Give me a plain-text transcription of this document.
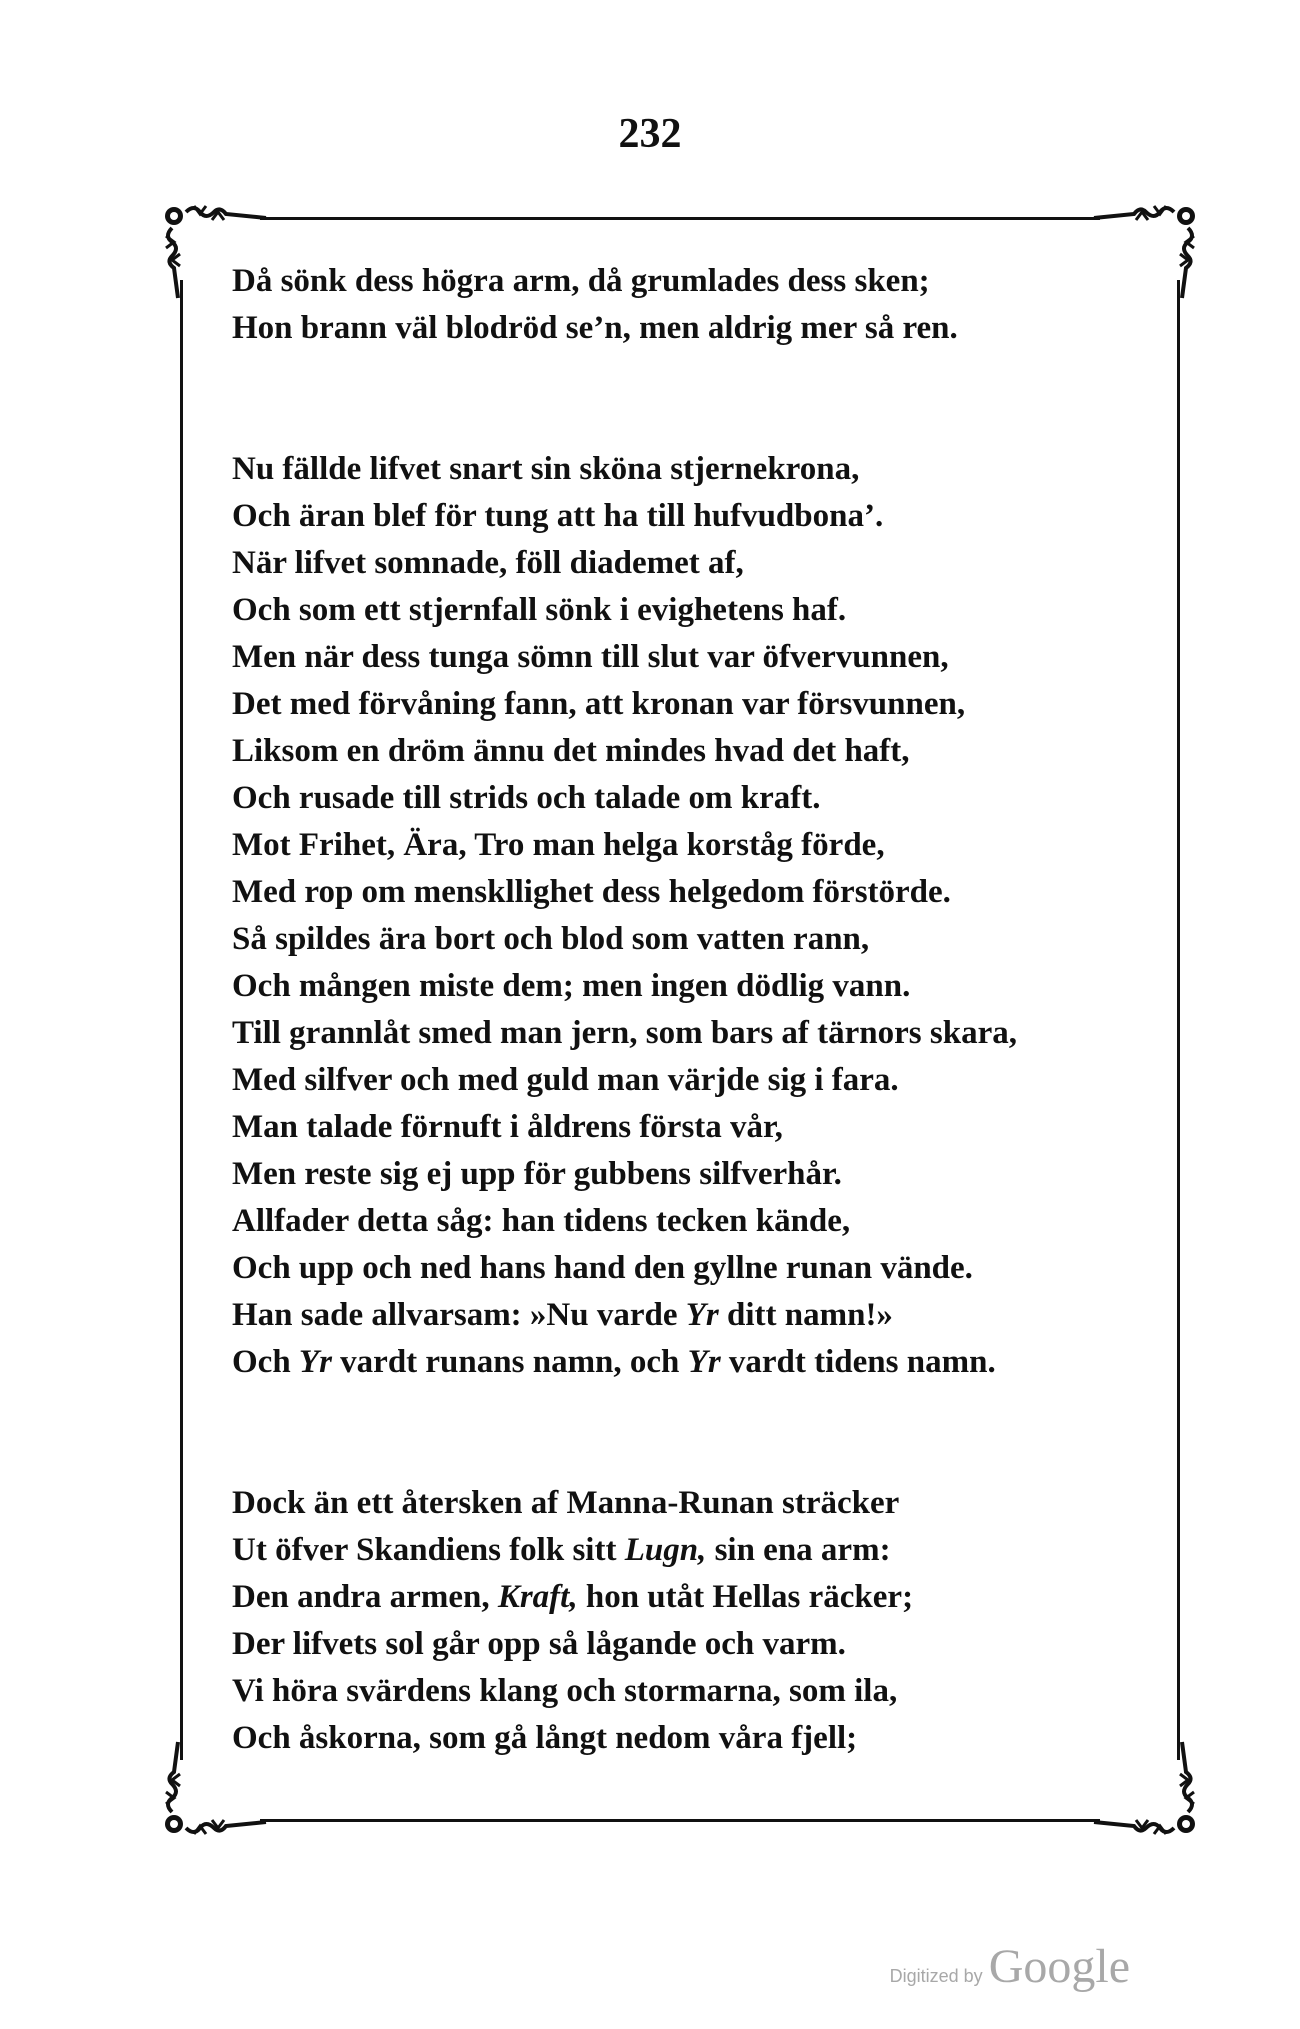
232
Då sönk dess högra arm, då grumlades dess sken;
Hon brann väl blodröd se’n, men aldrig mer så ren.
Nu fällde lifvet snart sin sköna stjernekrona,
Och äran blef för tung att ha till hufvudbona’.
När lifvet somnade, föll diademet af,
Och som ett stjernfall sönk i evighetens haf.
Men när dess tunga sömn till slut var öfvervunnen,
Det med förvåning fann, att kronan var försvunnen,
Liksom en dröm ännu det mindes hvad det haft,
Och rusade till strids och talade om kraft.
Mot Frihet, Ära, Tro man helga korståg förde,
Med rop om menskllighet dess helgedom förstörde.
Så spildes ära bort och blod som vatten rann,
Och mången miste dem; men ingen dödlig vann.
Till grannlåt smed man jern, som bars af tärnors skara,
Med silfver och med guld man värjde sig i fara.
Man talade förnuft i åldrens första vår,
Men reste sig ej upp för gubbens silfverhår.
Allfader detta såg: han tidens tecken kände,
Och upp och ned hans hand den gyllne runan vände.
Han sade allvarsam: »Nu varde Yr ditt namn!»
Och Yr vardt runans namn, och Yr vardt tidens namn.
Dock än ett återsken af Manna-Runan sträcker
Ut öfver Skandiens folk sitt Lugn, sin ena arm:
Den andra armen, Kraft, hon utåt Hellas räcker;
Der lifvets sol går opp så lågande och varm.
Vi höra svärdens klang och stormarna, som ila,
Och åskorna, som gå långt nedom våra fjell;
Digitized by Google
